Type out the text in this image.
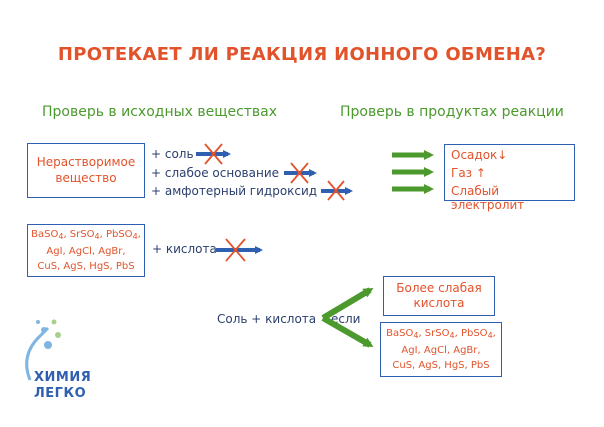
ПРОТЕКАЕТ ЛИ РЕАКЦИЯ ИОННОГО ОБМЕНА?
Проверь в исходных веществах	Проверь в продуктах реакции
Нерастворимое вещество
+ соль
+ слабое основание
+ амфотерный гидроксид
Осадок↓
Газ ↑
Слабый электролит
BaSO$_4$, SrSO$_4$, PbSO$_4$,
AgI, AgCl, AgBr,
CuS, AgS, HgS, PbS
+ кислота
Соль + кислота если
Более слабая кислота
BaSO$_4$, SrSO$_4$, PbSO$_4$,
AgI, AgCl, AgBr,
CuS, AgS, HgS, PbS
ХИМИЯ
ЛЕГКО
